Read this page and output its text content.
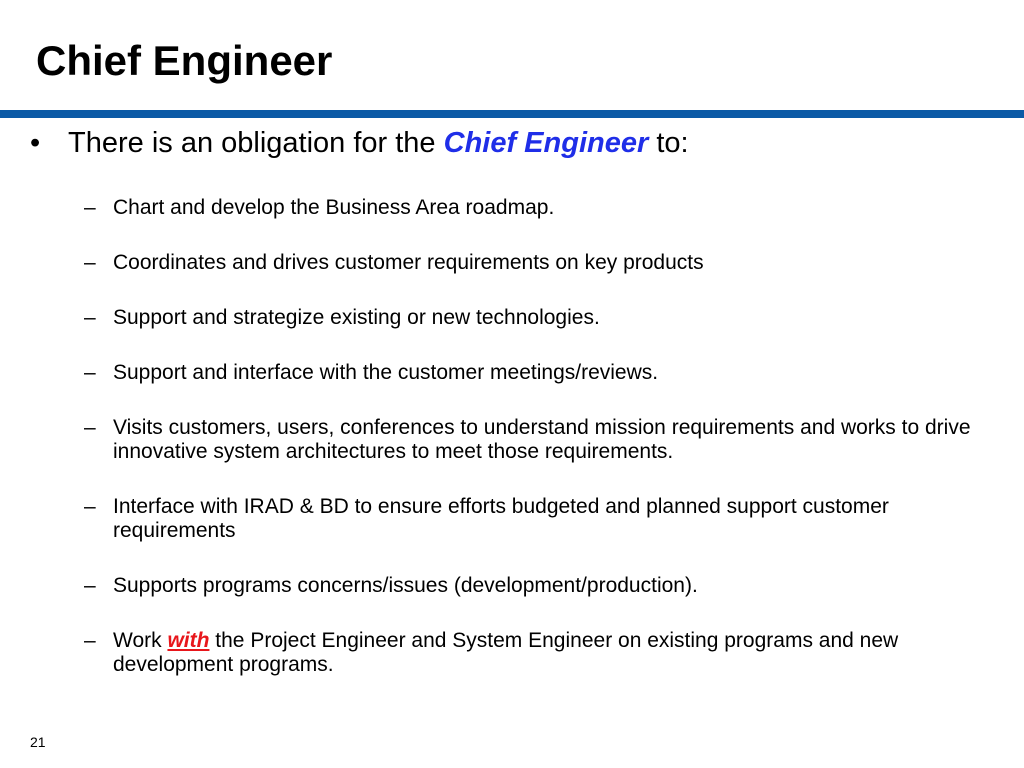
Chief Engineer
• There is an obligation for the Chief Engineer to:
– Chart and develop the Business Area roadmap.
– Coordinates and drives customer requirements on key products
– Support and strategize existing or new technologies.
– Support and interface with the customer meetings/reviews.
– Visits customers, users, conferences to understand mission requirements and works to drive innovative system architectures to meet those requirements.
– Interface with IRAD & BD to ensure efforts budgeted and planned support customer requirements
– Supports programs concerns/issues (development/production).
– Work with the Project Engineer and System Engineer on existing programs and new development programs.
21
